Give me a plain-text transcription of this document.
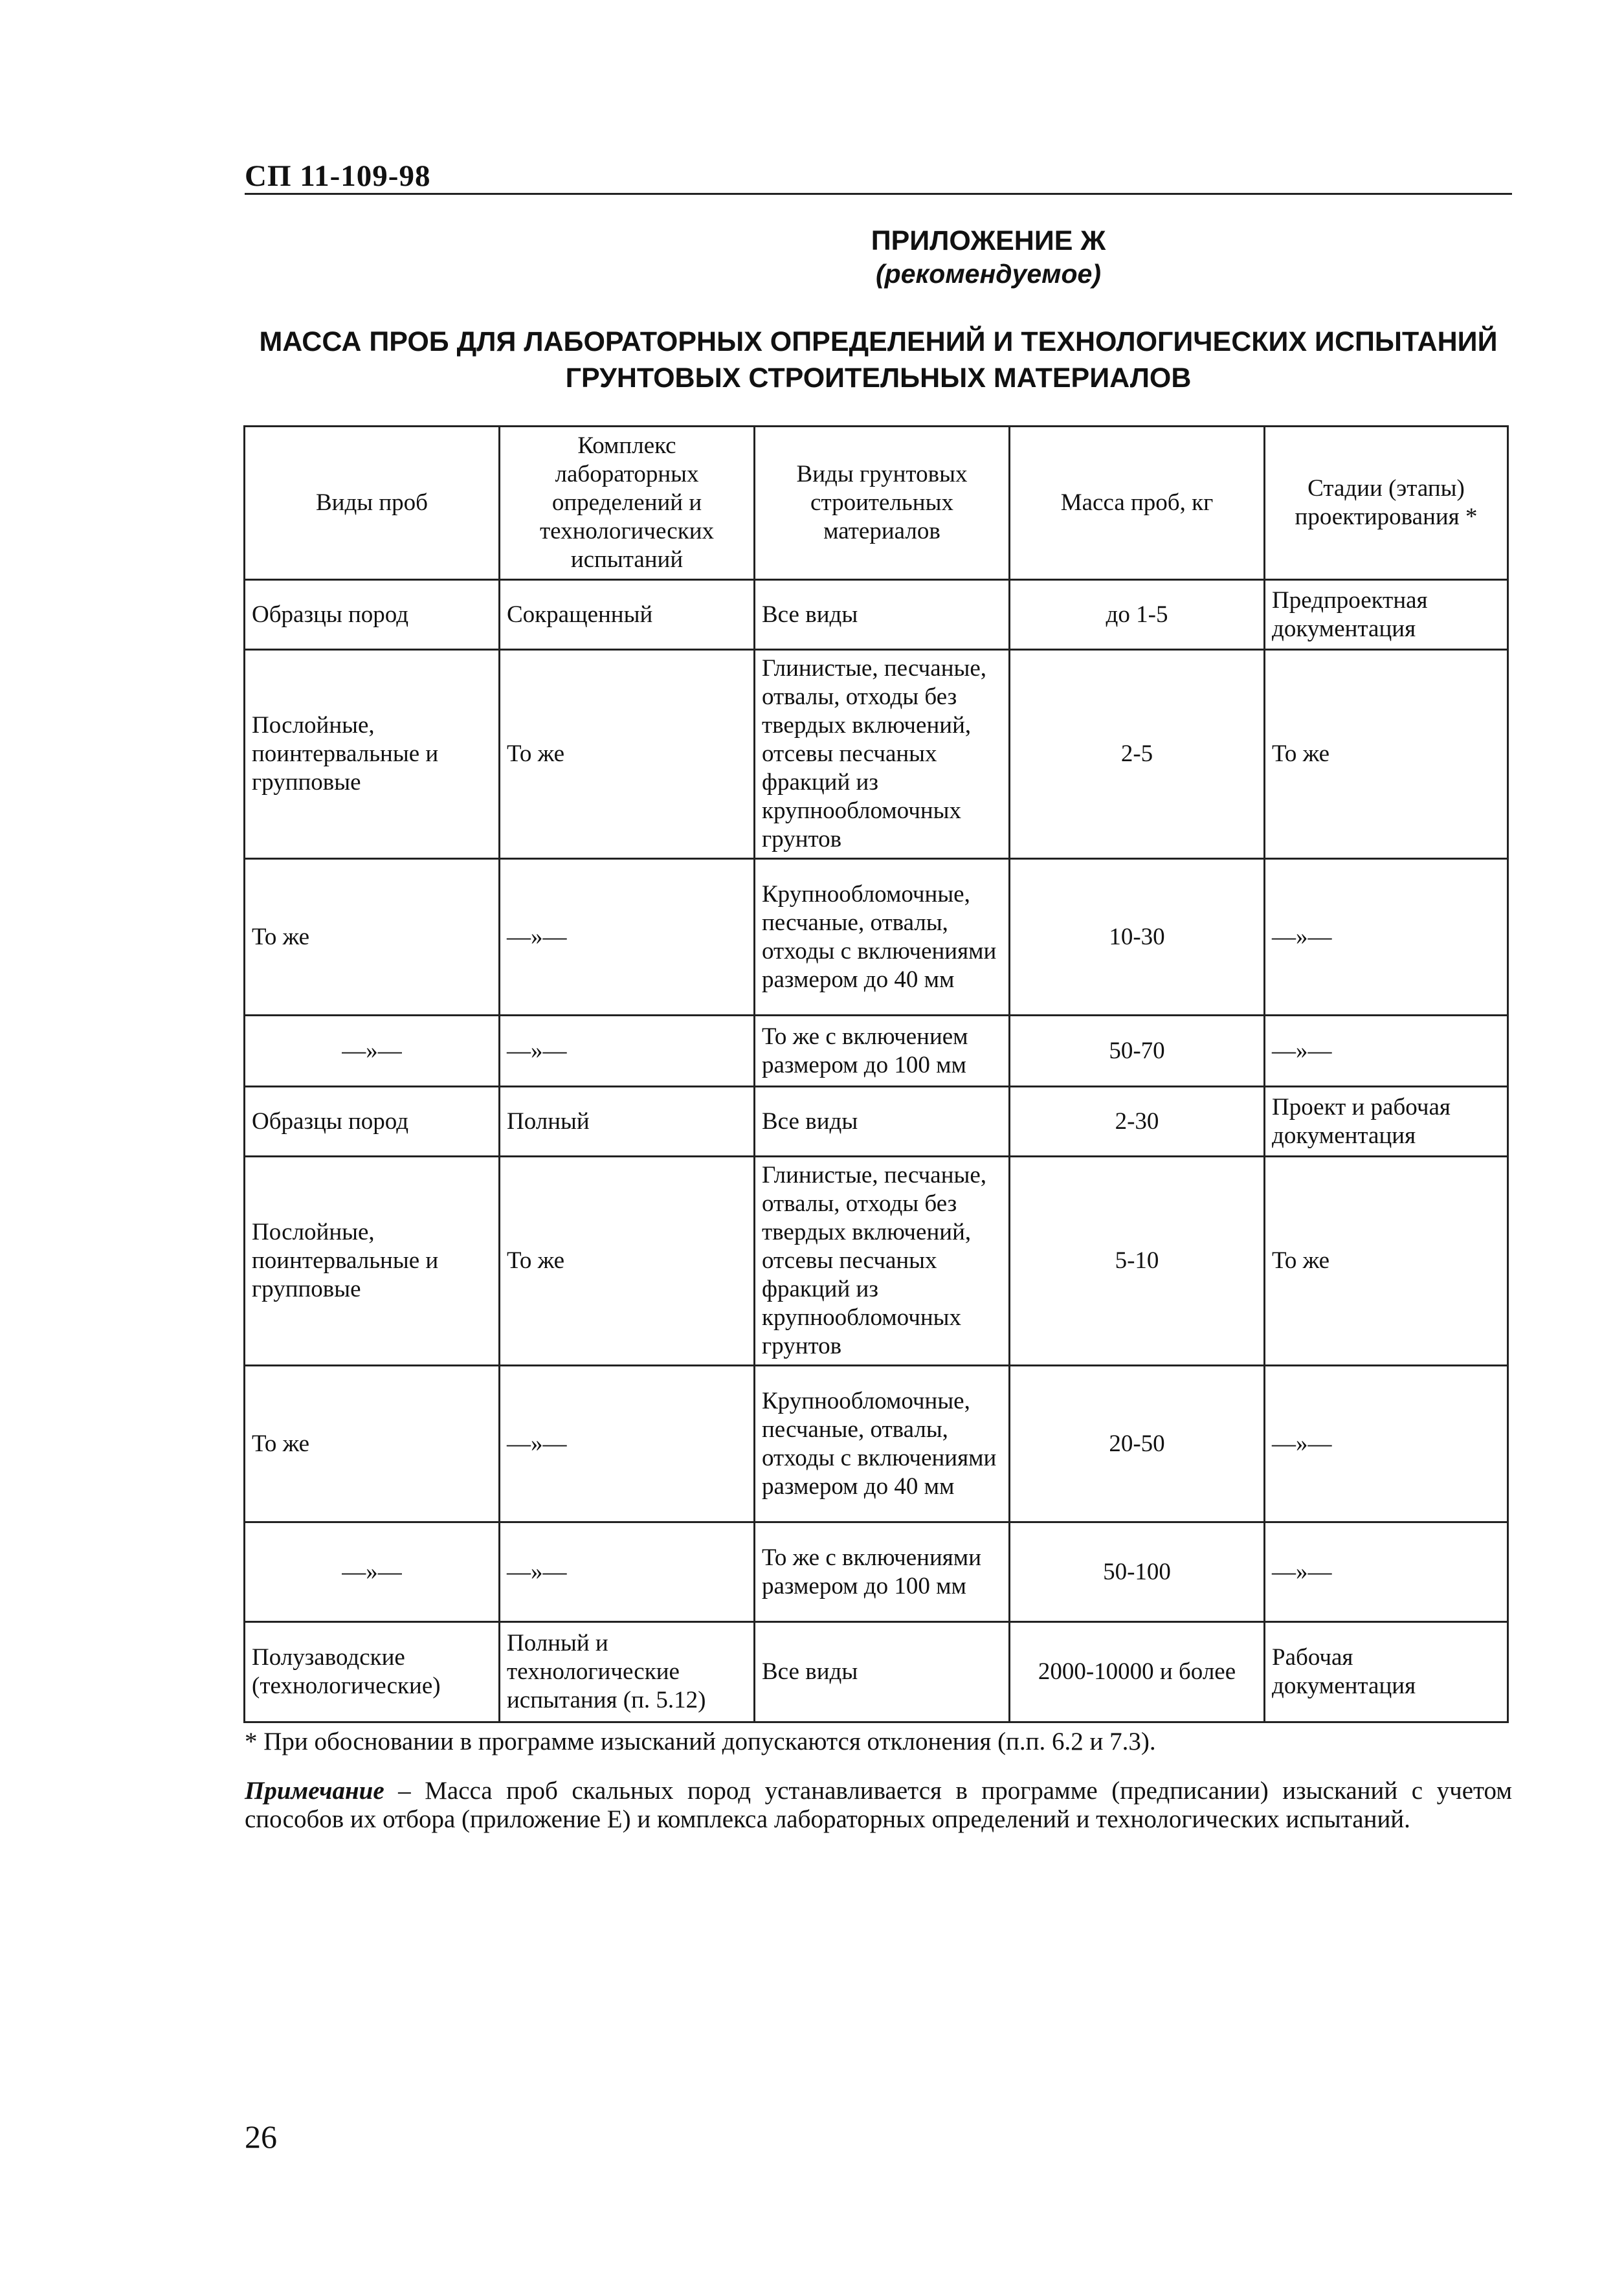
СП 11-109-98
ПРИЛОЖЕНИЕ Ж
(рекомендуемое)
МАССА ПРОБ ДЛЯ ЛАБОРАТОРНЫХ ОПРЕДЕЛЕНИЙ И ТЕХНОЛОГИЧЕСКИХ ИСПЫТАНИЙ
ГРУНТОВЫХ СТРОИТЕЛЬНЫХ МАТЕРИАЛОВ
Виды проб	Комплекс лабораторных определений и технологических испытаний	Виды грунтовых строительных материалов	Масса проб, кг	Стадии (этапы) проектирования *
Образцы пород	Сокращенный	Все виды	до 1-5	Предпроектная документация
Послойные, поинтервальные и групповые	То же	Глинистые, песчаные, отвалы, отходы без твердых включений, отсевы песчаных фракций из крупнообломочных грунтов	2-5	То же
То же	—»—	Крупнообломочные, песчаные, отвалы, отходы с включениями размером до 40 мм	10-30	—»—
—»—	—»—	То же с включением размером до 100 мм	50-70	—»—
Образцы пород	Полный	Все виды	2-30	Проект и рабочая документация
Послойные, поинтервальные и групповые	То же	Глинистые, песчаные, отвалы, отходы без твердых включений, отсевы песчаных фракций из крупнообломочных грунтов	5-10	То же
То же	—»—	Крупнообломочные, песчаные, отвалы, отходы с включениями размером до 40 мм	20-50	—»—
—»—	—»—	То же с включениями размером до 100 мм	50-100	—»—
Полузаводские (технологические)	Полный и технологические испытания (п. 5.12)	Все виды	2000-10000 и более	Рабочая документация
* При обосновании в программе изысканий допускаются отклонения (п.п. 6.2 и 7.3).
Примечание – Масса проб скальных пород устанавливается в программе (предписании) изысканий с учетом способов их отбора (приложение Е) и комплекса лабораторных определений и технологических испытаний.
26
